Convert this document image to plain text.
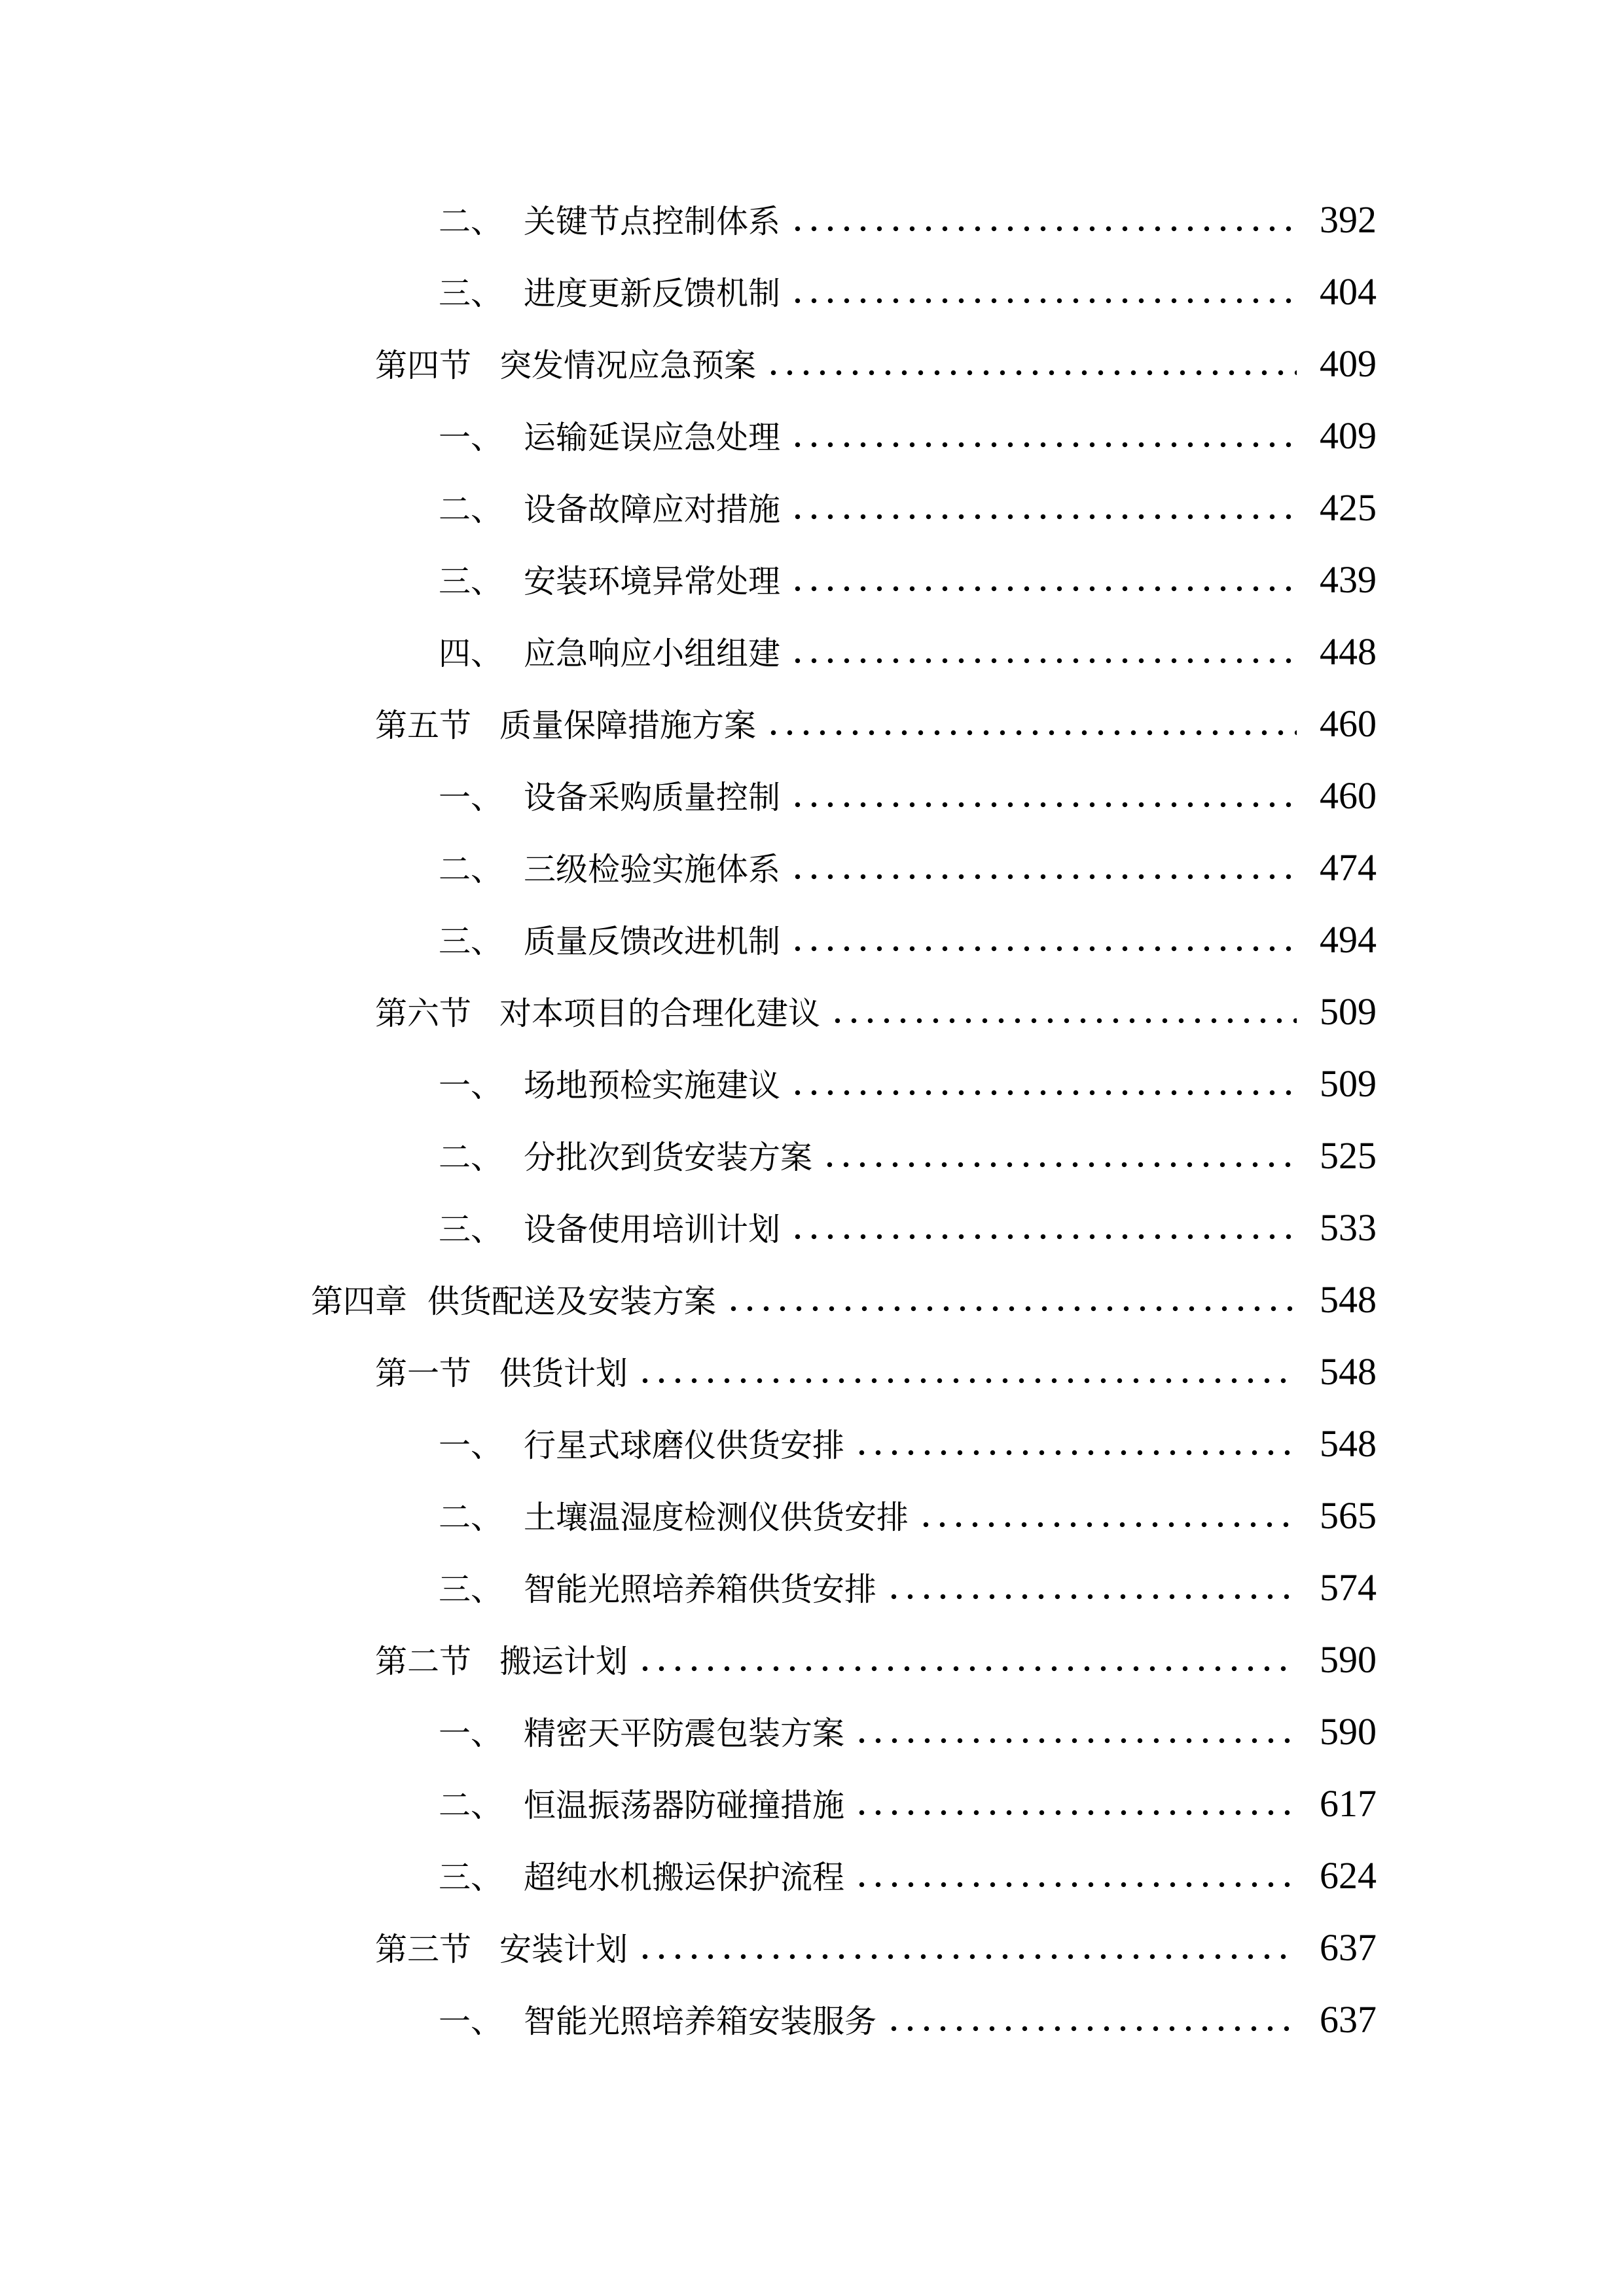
二、 关键节点控制体系	392
三、 进度更新反馈机制	404
第四节 突发情况应急预案	409
一、 运输延误应急处理	409
二、 设备故障应对措施	425
三、 安装环境异常处理	439
四、 应急响应小组组建	448
第五节 质量保障措施方案	460
一、 设备采购质量控制	460
二、 三级检验实施体系	474
三、 质量反馈改进机制	494
第六节 对本项目的合理化建议	509
一、 场地预检实施建议	509
二、 分批次到货安装方案	525
三、 设备使用培训计划	533
第四章 供货配送及安装方案	548
第一节 供货计划	548
一、 行星式球磨仪供货安排	548
二、 土壤温湿度检测仪供货安排	565
三、 智能光照培养箱供货安排	574
第二节 搬运计划	590
一、 精密天平防震包装方案	590
二、 恒温振荡器防碰撞措施	617
三、 超纯水机搬运保护流程	624
第三节 安装计划	637
一、 智能光照培养箱安装服务	637
